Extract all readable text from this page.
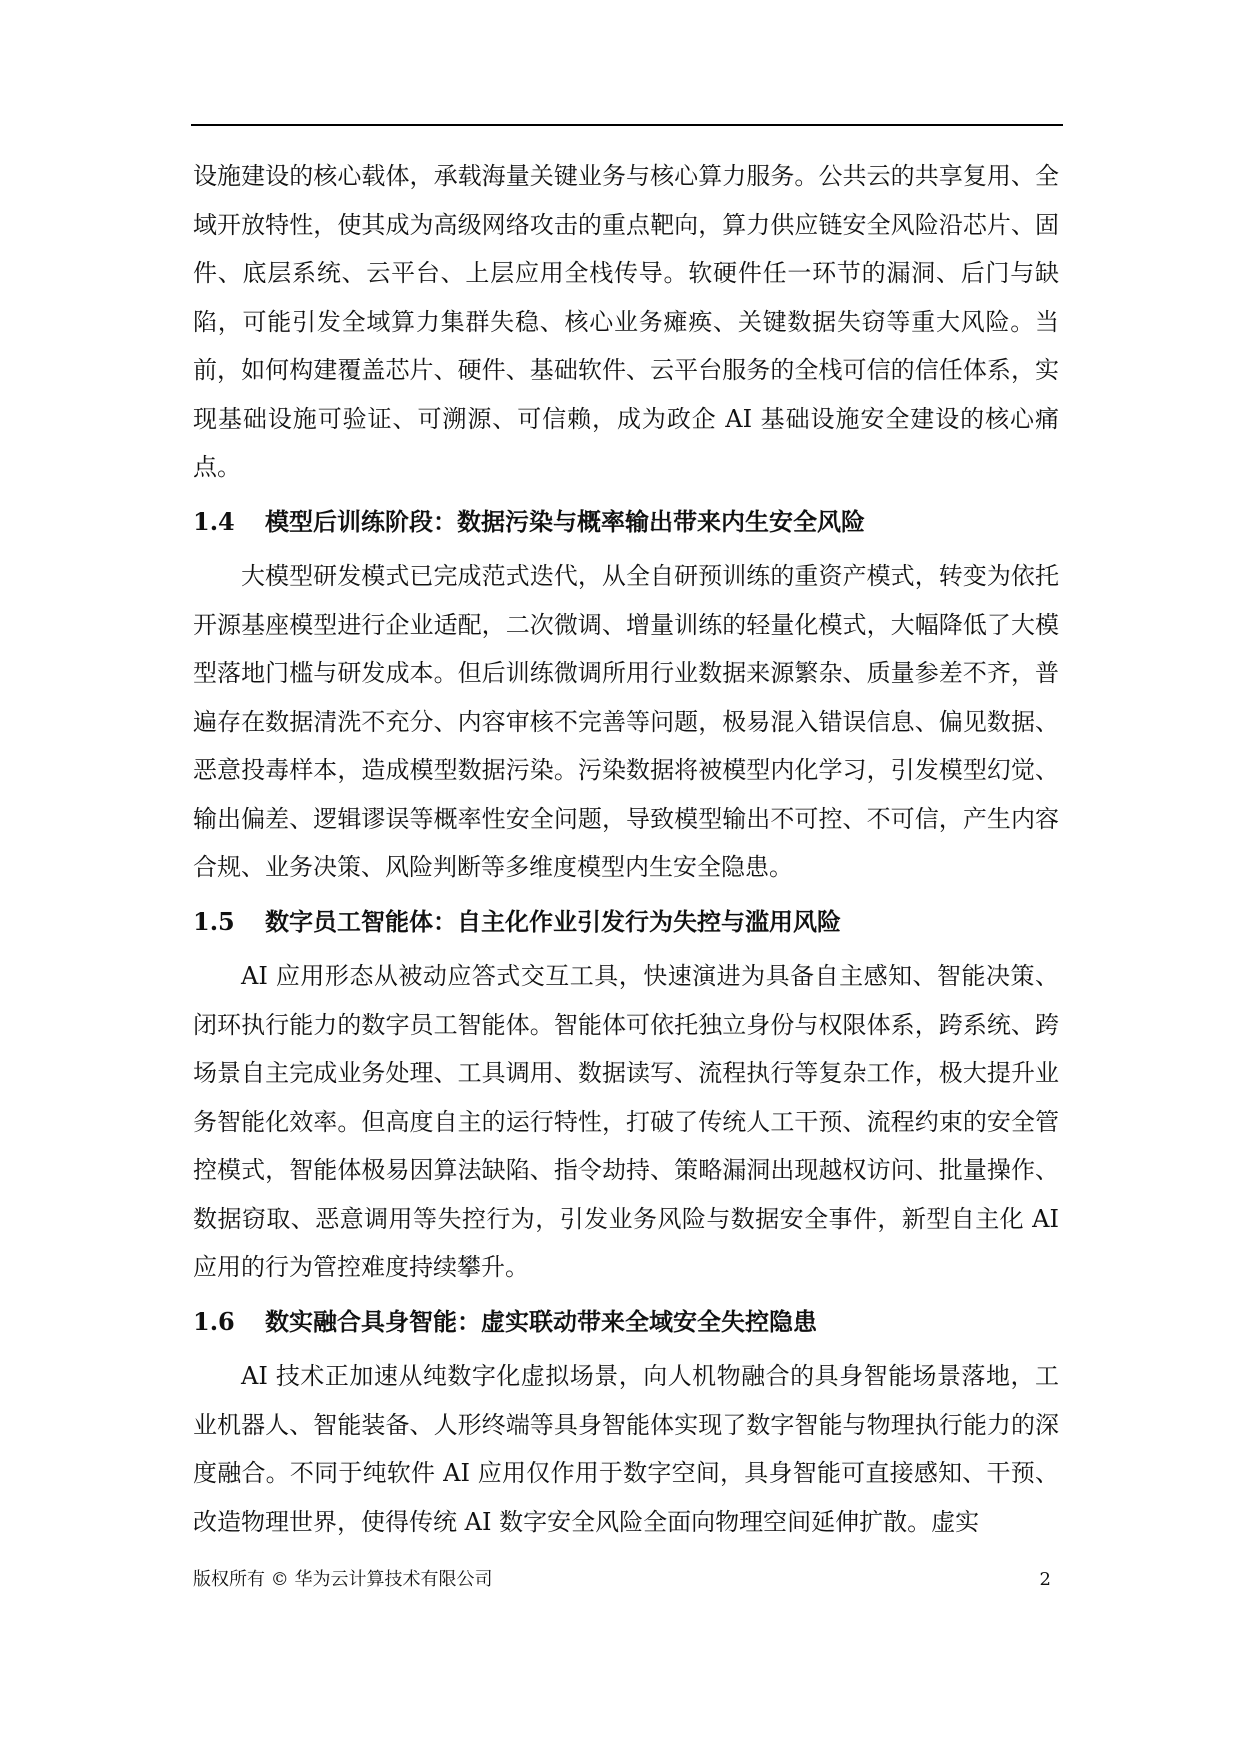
设施建设的核心载体，承载海量关键业务与核心算力服务。公共云的共享复用、全域开放特性，使其成为高级网络攻击的重点靶向，算力供应链安全风险沿芯片、固件、底层系统、云平台、上层应用全栈传导。软硬件任一环节的漏洞、后门与缺陷，可能引发全域算力集群失稳、核心业务瘫痪、关键数据失窃等重大风险。当前，如何构建覆盖芯片、硬件、基础软件、云平台服务的全栈可信的信任体系，实现基础设施可验证、可溯源、可信赖，成为政企 AI 基础设施安全建设的核心痛点。

1.4 模型后训练阶段：数据污染与概率输出带来内生安全风险

大模型研发模式已完成范式迭代，从全自研预训练的重资产模式，转变为依托开源基座模型进行企业适配，二次微调、增量训练的轻量化模式，大幅降低了大模型落地门槛与研发成本。但后训练微调所用行业数据来源繁杂、质量参差不齐，普遍存在数据清洗不充分、内容审核不完善等问题，极易混入错误信息、偏见数据、恶意投毒样本，造成模型数据污染。污染数据将被模型内化学习，引发模型幻觉、输出偏差、逻辑谬误等概率性安全问题，导致模型输出不可控、不可信，产生内容合规、业务决策、风险判断等多维度模型内生安全隐患。

1.5 数字员工智能体：自主化作业引发行为失控与滥用风险

AI 应用形态从被动应答式交互工具，快速演进为具备自主感知、智能决策、闭环执行能力的数字员工智能体。智能体可依托独立身份与权限体系，跨系统、跨场景自主完成业务处理、工具调用、数据读写、流程执行等复杂工作，极大提升业务智能化效率。但高度自主的运行特性，打破了传统人工干预、流程约束的安全管控模式，智能体极易因算法缺陷、指令劫持、策略漏洞出现越权访问、批量操作、数据窃取、恶意调用等失控行为，引发业务风险与数据安全事件，新型自主化 AI 应用的行为管控难度持续攀升。

1.6 数实融合具身智能：虚实联动带来全域安全失控隐患

AI 技术正加速从纯数字化虚拟场景，向人机物融合的具身智能场景落地，工业机器人、智能装备、人形终端等具身智能体实现了数字智能与物理执行能力的深度融合。不同于纯软件 AI 应用仅作用于数字空间，具身智能可直接感知、干预、改造物理世界，使得传统 AI 数字安全风险全面向物理空间延伸扩散。虚实

版权所有 © 华为云计算技术有限公司	2
